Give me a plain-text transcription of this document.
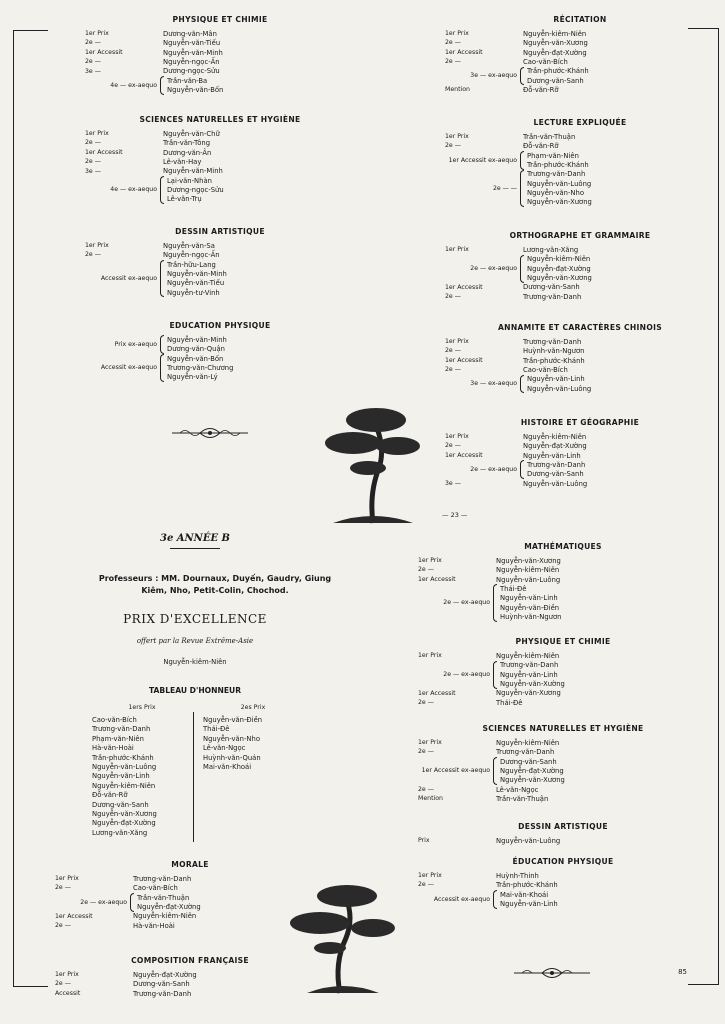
PHYSIQUE ET CHIMIE
1er Prix	Dương-văn-Mân
2e —	Nguyễn-văn-Tiếu
1er Accessit	Nguyễn-văn-Minh
2e —	Nguyễn-ngọc-Ấn
3e —	Dương-ngọc-Sửu
4e — ex-aequo
Trần-văn-Ba
Nguyễn-văn-Bốn
SCIENCES NATURELLES ET HYGIÈNE
1er Prix	Nguyễn-văn-Chữ
2e —	Trần-văn-Tông
1er Accessit	Dương-văn-Ân
2e —	Lê-văn-Hay
3e —	Nguyễn-văn-Minh
4e — ex-aequo
Lại-văn-Nhàn
Dương-ngọc-Sửu
Lê-văn-Trụ
DESSIN ARTISTIQUE
1er Prix	Nguyễn-văn-Sa
2e —	Nguyễn-ngọc-Ấn
Accessit ex-aequo
Trần-hữu-Lang
Nguyễn-văn-Minh
Nguyễn-văn-Tiếu
Nguyễn-tư-Vinh
EDUCATION PHYSIQUE
Prix ex-aequo
Nguyễn-văn-Minh
Dương-văn-Quận
Accessit ex-aequo
Nguyễn-văn-Bốn
Trương-văn-Chương
Nguyễn-văn-Lý
3e ANNÉE B
Professeurs : MM. Dournaux, Duyến, Gaudry, Giung
Kiêm, Nho, Petit-Colin, Chochod.
PRIX D'EXCELLENCE
offert par la Revue Extrême-Asie
Nguyễn-kiêm-Niên
TABLEAU D'HONNEUR
1ers Prix
Cao-văn-Bích
Trương-văn-Danh
Phạm-văn-Niên
Hà-văn-Hoài
Trần-phước-Khánh
Nguyễn-văn-Luông
Nguyễn-văn-Linh
Nguyễn-kiêm-Niên
Đỗ-văn-Rỡ
Dương-văn-Sanh
Nguyễn-văn-Xương
Nguyễn-đạt-Xường
Lương-văn-Xăng
2es Prix
Nguyễn-văn-Điền
Thái-Đê
Nguyễn-văn-Nho
Lê-văn-Ngọc
Huỳnh-văn-Quán
Mai-văn-Khoái
MORALE
1er Prix	Trương-văn-Danh
2e —	Cao-văn-Bích
2e — ex-aequo
Trần-văn-Thuận
Nguyễn-đạt-Xường
1er Accessit	Nguyễn-kiêm-Niên
2e —	Hà-văn-Hoài
COMPOSITION FRANÇAISE
1er Prix	Nguyễn-đạt-Xường
2e —	Dương-văn-Sanh
Accessit	Trương-văn-Danh
RÉCITATION
1er Prix	Nguyễn-kiêm-Niên
2e —	Nguyễn-văn-Xương
1er Accessit	Nguyễn-đạt-Xường
2e —	Cao-văn-Bích
3e — ex-aequo
Trần-phước-Khánh
Dương-văn-Sanh
Mention	Đỗ-văn-Rỡ
LECTURE EXPLIQUÉE
1er Prix	Trần-văn-Thuận
2e —	Đỗ-văn-Rỡ
1er Accessit ex-aequo
Phạm-văn-Niên
Trần-phước-Khánh
2e — —
Trương-văn-Danh
Nguyễn-văn-Luông
Nguyễn-văn-Nho
Nguyễn-văn-Xương
ORTHOGRAPHE ET GRAMMAIRE
1er Prix	Lương-văn-Xăng
2e — ex-aequo
Nguyễn-kiêm-Niên
Nguyễn-đạt-Xường
Nguyễn-văn-Xương
1er Accessit	Dương-văn-Sanh
2e —	Trương-văn-Danh
ANNAMITE ET CARACTÈRES CHINOIS
1er Prix	Trương-văn-Danh
2e —	Huỳnh-văn-Ngươn
1er Accessit	Trần-phước-Khánh
2e —	Cao-văn-Bích
3e — ex-aequo
Nguyễn-văn-Linh
Nguyễn-văn-Luông
HISTOIRE ET GÉOGRAPHIE
1er Prix	Nguyễn-kiêm-Niên
2e —	Nguyễn-đạt-Xường
1er Accessit	Nguyễn-văn-Linh
2e — ex-aequo
Trương-văn-Danh
Dương-văn-Sanh
3e —	Nguyễn-văn-Luông
— 23 —
MATHÉMATIQUES
1er Prix	Nguyễn-văn-Xương
2e —	Nguyễn-kiêm-Niên
1er Accessit	Nguyễn-văn-Luông
2e — ex-aequo
Thái-Đê
Nguyễn-văn-Linh
Nguyễn-văn-Điền
Huỳnh-văn-Ngươn
PHYSIQUE ET CHIMIE
1er Prix	Nguyễn-kiêm-Niên
2e — ex-aequo
Trương-văn-Danh
Nguyễn-văn-Linh
Nguyễn-văn-Xường
1er Accessit	Nguyễn-văn-Xương
2e —	Thái-Đê
SCIENCES NATURELLES ET HYGIÈNE
1er Prix	Nguyễn-kiêm-Niên
2e —	Trương-văn-Danh
1er Accessit ex-aequo
Dương-văn-Sanh
Nguyễn-đạt-Xường
Nguyễn-văn-Xương
2e —	Lê-văn-Ngọc
Mention	Trần-văn-Thuận
DESSIN ARTISTIQUE
Prix	Nguyễn-văn-Luông
ÉDUCATION PHYSIQUE
1er Prix	Huỳnh-Thinh
2e —	Trần-phước-Khánh
Accessit ex-aequo
Mai-văn-Khoái
Nguyễn-văn-Linh
85
